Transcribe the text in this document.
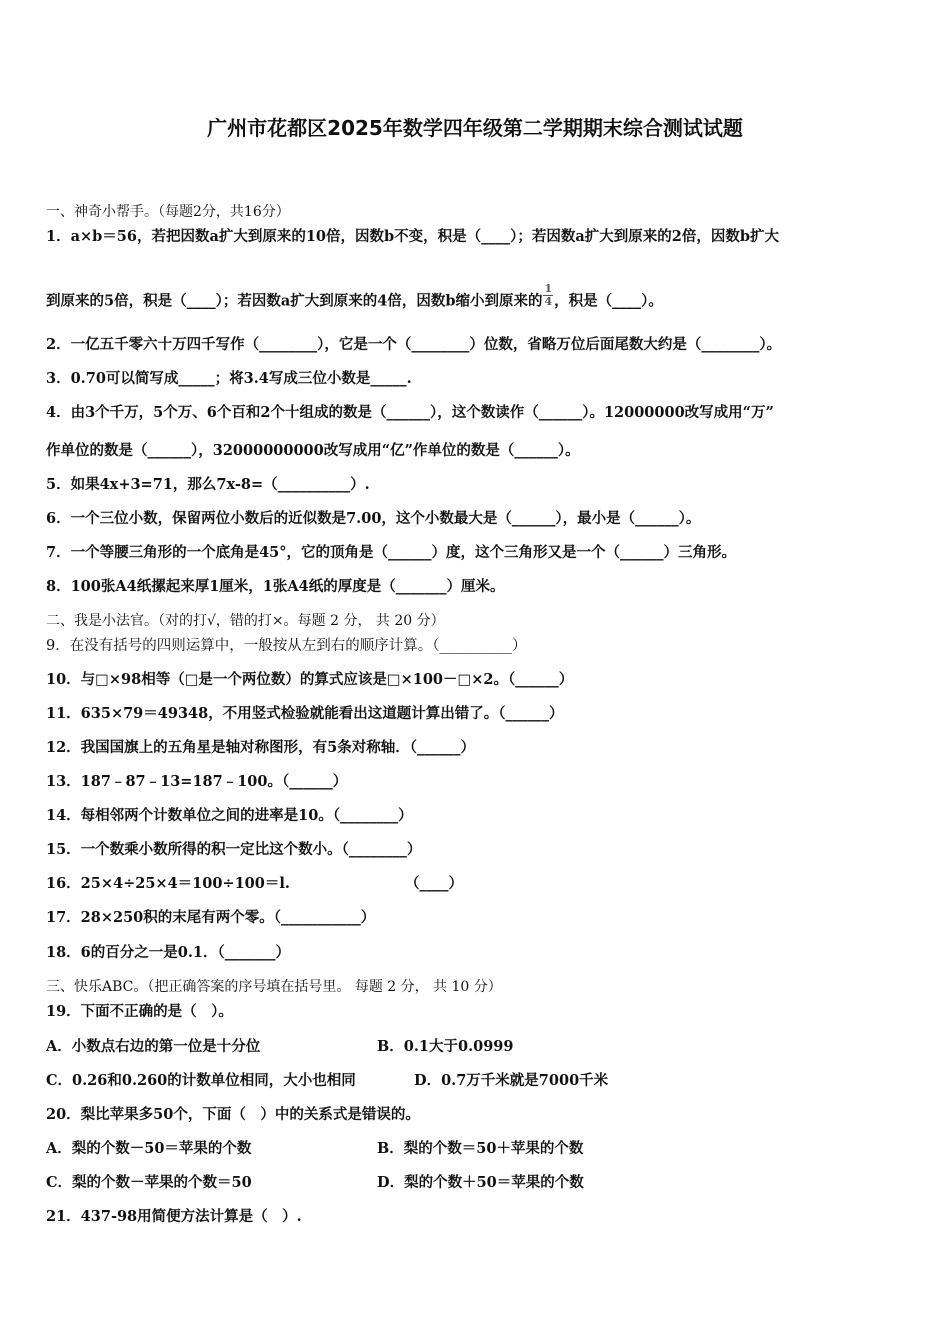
广州市花都区2025年数学四年级第二学期期末综合测试试题
一、神奇小帮手。（每题2分，共16分）
1．a×b＝56，若把因数a扩大到原来的10倍，因数b不变，积是（____）；若因数a扩大到原来的2倍，因数b扩大
到原来的5倍，积是（____）；若因数a扩大到原来的4倍，因数b缩小到原来的 $\frac{1}{4}$ ，积是（____）。
2．一亿五千零六十万四千写作（________），它是一个（________）位数，省略万位后面尾数大约是（________）。
3．0.70可以简写成_____；将3.4写成三位小数是_____.
4．由3个千万，5个万、6个百和2个十组成的数是（______），这个数读作（______）。12000000改写成用“万”
作单位的数是（______），32000000000改写成用“亿”作单位的数是（______）。
5．如果4x+3=71，那么7x-8=（__________）.
6．一个三位小数，保留两位小数后的近似数是7.00，这个小数最大是（______），最小是（______）。
7．一个等腰三角形的一个底角是45°，它的顶角是（______）度，这个三角形又是一个（______）三角形。
8．100张A4纸摞起来厚1厘米，1张A4纸的厚度是（_______）厘米。
二、我是小法官。（对的打√，错的打×。每题 2 分， 共 20 分）
9．在没有括号的四则运算中，一般按从左到右的顺序计算。（__________）
10．与□×98相等（□是一个两位数）的算式应该是□×100－□×2。（______）
11．635×79＝49348，不用竖式检验就能看出这道题计算出错了。（______）
12．我国国旗上的五角星是轴对称图形，有5条对称轴．（______）
13．187﹣87﹣13=187﹣100。（______）
14．每相邻两个计数单位之间的进率是10。（________）
15．一个数乘小数所得的积一定比这个数小。（________）
16．25×4÷25×4＝100÷100＝l.	（____）
17．28×250积的末尾有两个零。（___________）
18．6的百分之一是0.1．（_______）
三、快乐ABC。（把正确答案的序号填在括号里。 每题 2 分， 共 10 分）
19．下面不正确的是（　）。
A．小数点右边的第一位是十分位	B．0.1大于0.0999
C．0.26和0.260的计数单位相同，大小也相同	D．0.7万千米就是7000千米
20．梨比苹果多50个，下面（　）中的关系式是错误的。
A．梨的个数－50＝苹果的个数	B．梨的个数＝50＋苹果的个数
C．梨的个数－苹果的个数＝50	D．梨的个数＋50＝苹果的个数
21．437-98用简便方法计算是（　）.
